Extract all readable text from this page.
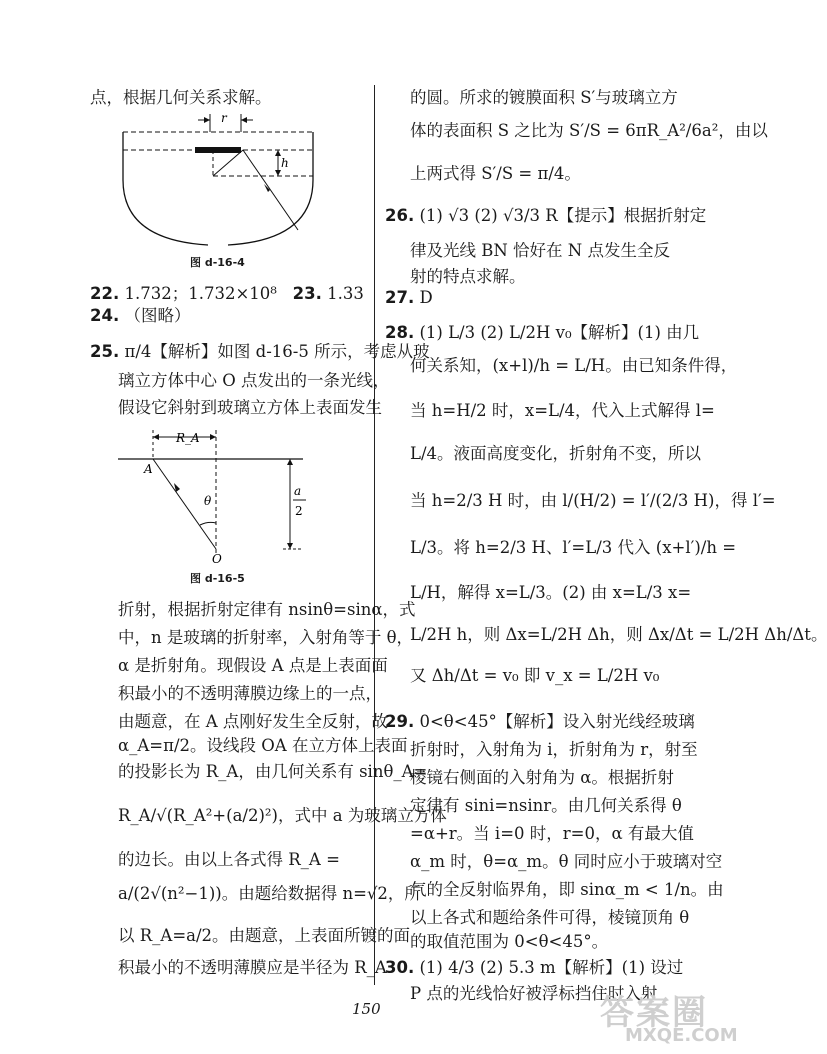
点，根据几何关系求解。
r
h
图 d-16-4
22. 1.732；1.732×10⁸ 23. 1.33
24. （图略）
25. π/4【解析】如图 d-16-5 所示，考虑从玻
璃立方体中心 O 点发出的一条光线，
假设它斜射到玻璃立方体上表面发生
R_A
A
O
θ
a
2
图 d-16-5
折射，根据折射定律有 nsinθ=sinα，式
中，n 是玻璃的折射率，入射角等于 θ，
α 是折射角。现假设 A 点是上表面面
积最小的不透明薄膜边缘上的一点，
由题意，在 A 点刚好发生全反射，故
α_A=π/2。设线段 OA 在立方体上表面
的投影长为 R_A，由几何关系有 sinθ_A=
R_A/√(R_A²+(a/2)²)，式中 a 为玻璃立方体
的边长。由以上各式得 R_A =
a/(2√(n²−1))。由题给数据得 n=√2，所
以 R_A=a/2。由题意，上表面所镀的面
积最小的不透明薄膜应是半径为 R_A
的圆。所求的镀膜面积 S′与玻璃立方
体的表面积 S 之比为 S′/S = 6πR_A²/6a²，由以
上两式得 S′/S = π/4。
26. (1) √3 (2) √3/3 R【提示】根据折射定
律及光线 BN 恰好在 N 点发生全反
射的特点求解。
27. D
28. (1) L/3 (2) L/2H v₀【解析】(1) 由几
何关系知，(x+l)/h = L/H。由已知条件得，
当 h=H/2 时，x=L/4，代入上式解得 l=
L/4。液面高度变化，折射角不变，所以
当 h=2/3 H 时，由 l/(H/2) = l′/(2/3 H)，得 l′=
L/3。将 h=2/3 H、l′=L/3 代入 (x+l′)/h =
L/H，解得 x=L/3。(2) 由 x=L/3 x=
L/2H h，则 Δx=L/2H Δh，则 Δx/Δt = L/2H Δh/Δt。
又 Δh/Δt = v₀ 即 v_x = L/2H v₀
29. 0<θ<45°【解析】设入射光线经玻璃
折射时，入射角为 i，折射角为 r，射至
棱镜右侧面的入射角为 α。根据折射
定律有 sini=nsinr。由几何关系得 θ
=α+r。当 i=0 时，r=0，α 有最大值
α_m 时，θ=α_m。θ 同时应小于玻璃对空
气的全反射临界角，即 sinα_m < 1/n。由
以上各式和题给条件可得，棱镜顶角 θ
的取值范围为 0<θ<45°。
30. (1) 4/3 (2) 5.3 m【解析】(1) 设过
P 点的光线恰好被浮标挡住时入射
150	答案圈
MXQE.COM
